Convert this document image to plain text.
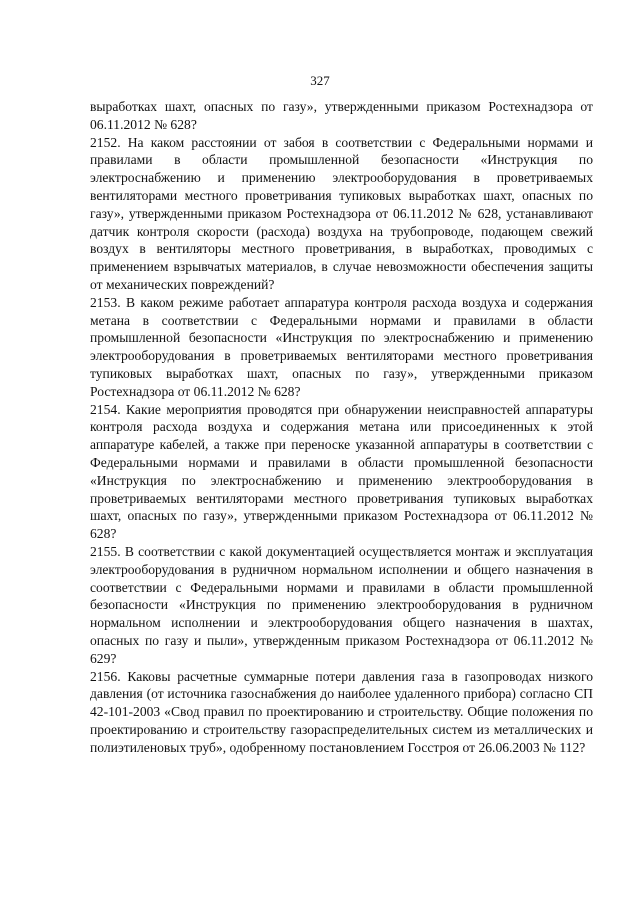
327

выработках шахт, опасных по газу», утвержденными приказом Ростехнадзора от 06.11.2012 № 628?

2152. На каком расстоянии от забоя в соответствии с Федеральными нормами и правилами в области промышленной безопасности «Инструкция по электроснабжению и применению электрооборудования в проветриваемых вентиляторами местного проветривания тупиковых выработках шахт, опасных по газу», утвержденными приказом Ростехнадзора от 06.11.2012 № 628, устанавливают датчик контроля скорости (расхода) воздуха на трубопроводе, подающем свежий воздух в вентиляторы местного проветривания, в выработках, проводимых с применением взрывчатых материалов, в случае невозможности обеспечения защиты от механических повреждений?

2153. В каком режиме работает аппаратура контроля расхода воздуха и содержания метана в соответствии с Федеральными нормами и правилами в области промышленной безопасности «Инструкция по электроснабжению и применению электрооборудования в проветриваемых вентиляторами местного проветривания тупиковых выработках шахт, опасных по газу», утвержденными приказом Ростехнадзора от 06.11.2012 № 628?

2154. Какие мероприятия проводятся при обнаружении неисправностей аппаратуры контроля расхода воздуха и содержания метана или присоединенных к этой аппаратуре кабелей, а также при переноске указанной аппаратуры в соответствии с Федеральными нормами и правилами в области промышленной безопасности «Инструкция по электроснабжению и применению электрооборудования в проветриваемых вентиляторами местного проветривания тупиковых выработках шахт, опасных по газу», утвержденными приказом Ростехнадзора от 06.11.2012 № 628?

2155. В соответствии с какой документацией осуществляется монтаж и эксплуатация электрооборудования в рудничном нормальном исполнении и общего назначения в соответствии с Федеральными нормами и правилами в области промышленной безопасности «Инструкция по применению электрооборудования в рудничном нормальном исполнении и электрооборудования общего назначения в шахтах, опасных по газу и пыли», утвержденным приказом Ростехнадзора от 06.11.2012 № 629?

2156. Каковы расчетные суммарные потери давления газа в газопроводах низкого давления (от источника газоснабжения до наиболее удаленного прибора) согласно СП 42-101-2003 «Свод правил по проектированию и строительству. Общие положения по проектированию и строительству газораспределительных систем из металлических и полиэтиленовых труб», одобренному постановлением Госстроя от 26.06.2003 № 112?
